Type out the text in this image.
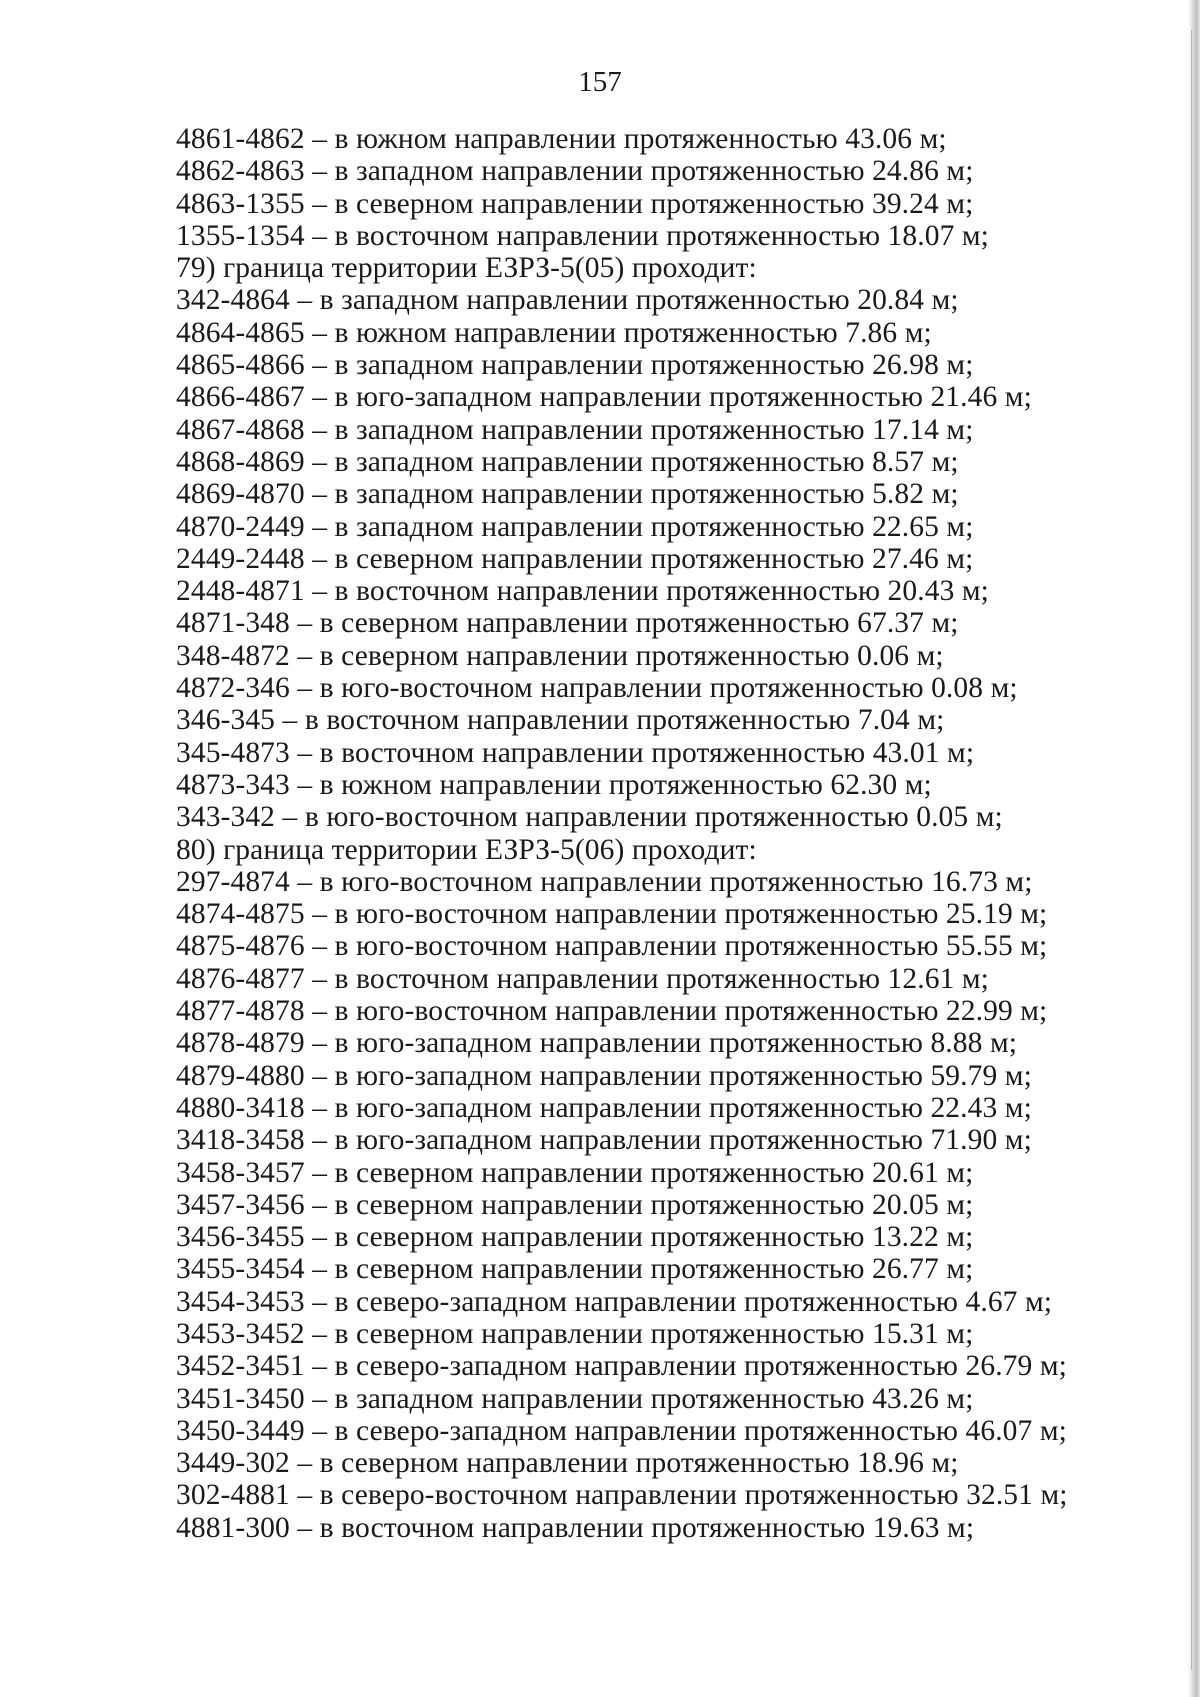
157
4861-4862 – в южном направлении протяженностью 43.06 м;
4862-4863 – в западном направлении протяженностью 24.86 м;
4863-1355 – в северном направлении протяженностью 39.24 м;
1355-1354 – в восточном направлении протяженностью 18.07 м;
79) граница территории ЕЗРЗ-5(05) проходит:
342-4864 – в западном направлении протяженностью 20.84 м;
4864-4865 – в южном направлении протяженностью 7.86 м;
4865-4866 – в западном направлении протяженностью 26.98 м;
4866-4867 – в юго-западном направлении протяженностью 21.46 м;
4867-4868 – в западном направлении протяженностью 17.14 м;
4868-4869 – в западном направлении протяженностью 8.57 м;
4869-4870 – в западном направлении протяженностью 5.82 м;
4870-2449 – в западном направлении протяженностью 22.65 м;
2449-2448 – в северном направлении протяженностью 27.46 м;
2448-4871 – в восточном направлении протяженностью 20.43 м;
4871-348 – в северном направлении протяженностью 67.37 м;
348-4872 – в северном направлении протяженностью 0.06 м;
4872-346 – в юго-восточном направлении протяженностью 0.08 м;
346-345 – в восточном направлении протяженностью 7.04 м;
345-4873 – в восточном направлении протяженностью 43.01 м;
4873-343 – в южном направлении протяженностью 62.30 м;
343-342 – в юго-восточном направлении протяженностью 0.05 м;
80) граница территории ЕЗРЗ-5(06) проходит:
297-4874 – в юго-восточном направлении протяженностью 16.73 м;
4874-4875 – в юго-восточном направлении протяженностью 25.19 м;
4875-4876 – в юго-восточном направлении протяженностью 55.55 м;
4876-4877 – в восточном направлении протяженностью 12.61 м;
4877-4878 – в юго-восточном направлении протяженностью 22.99 м;
4878-4879 – в юго-западном направлении протяженностью 8.88 м;
4879-4880 – в юго-западном направлении протяженностью 59.79 м;
4880-3418 – в юго-западном направлении протяженностью 22.43 м;
3418-3458 – в юго-западном направлении протяженностью 71.90 м;
3458-3457 – в северном направлении протяженностью 20.61 м;
3457-3456 – в северном направлении протяженностью 20.05 м;
3456-3455 – в северном направлении протяженностью 13.22 м;
3455-3454 – в северном направлении протяженностью 26.77 м;
3454-3453 – в северо-западном направлении протяженностью 4.67 м;
3453-3452 – в северном направлении протяженностью 15.31 м;
3452-3451 – в северо-западном направлении протяженностью 26.79 м;
3451-3450 – в западном направлении протяженностью 43.26 м;
3450-3449 – в северо-западном направлении протяженностью 46.07 м;
3449-302 – в северном направлении протяженностью 18.96 м;
302-4881 – в северо-восточном направлении протяженностью 32.51 м;
4881-300 – в восточном направлении протяженностью 19.63 м;
